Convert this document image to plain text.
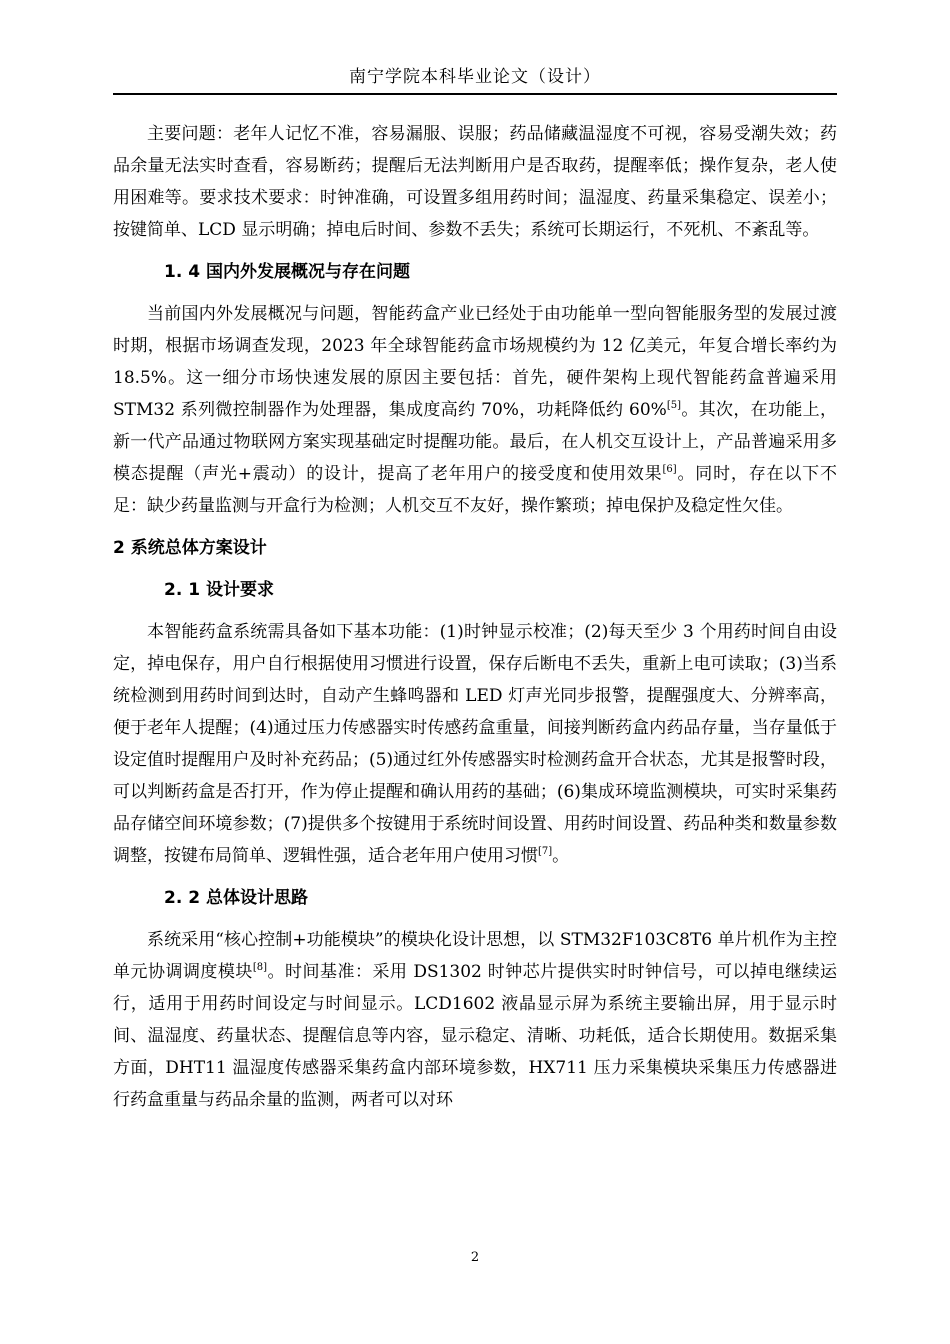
南宁学院本科毕业论文（设计）

主要问题：老年人记忆不准，容易漏服、误服；药品储藏温湿度不可视，容易受潮失效；药品余量无法实时查看，容易断药；提醒后无法判断用户是否取药，提醒率低；操作复杂，老人使用困难等。要求技术要求：时钟准确，可设置多组用药时间；温湿度、药量采集稳定、误差小；按键简单、LCD 显示明确；掉电后时间、参数不丢失；系统可长期运行，不死机、不紊乱等。

1. 4 国内外发展概况与存在问题

当前国内外发展概况与问题，智能药盒产业已经处于由功能单一型向智能服务型的发展过渡时期，根据市场调查发现，2023 年全球智能药盒市场规模约为 12 亿美元，年复合增长率约为 18.5%。这一细分市场快速发展的原因主要包括：首先，硬件架构上现代智能药盒普遍采用 STM32 系列微控制器作为处理器，集成度高约 70%，功耗降低约 60%[5]。其次，在功能上，新一代产品通过物联网方案实现基础定时提醒功能。最后，在人机交互设计上，产品普遍采用多模态提醒（声光+震动）的设计，提高了老年用户的接受度和使用效果[6]。同时，存在以下不足：缺少药量监测与开盒行为检测；人机交互不友好，操作繁琐；掉电保护及稳定性欠佳。

2 系统总体方案设计
2. 1 设计要求

本智能药盒系统需具备如下基本功能：(1)时钟显示校准；(2)每天至少 3 个用药时间自由设定，掉电保存，用户自行根据使用习惯进行设置，保存后断电不丢失，重新上电可读取；(3)当系统检测到用药时间到达时，自动产生蜂鸣器和 LED 灯声光同步报警，提醒强度大、分辨率高，便于老年人提醒；(4)通过压力传感器实时传感药盒重量，间接判断药盒内药品存量，当存量低于设定值时提醒用户及时补充药品；(5)通过红外传感器实时检测药盒开合状态，尤其是报警时段，可以判断药盒是否打开，作为停止提醒和确认用药的基础；(6)集成环境监测模块，可实时采集药品存储空间环境参数；(7)提供多个按键用于系统时间设置、用药时间设置、药品种类和数量参数调整，按键布局简单、逻辑性强，适合老年用户使用习惯[7]。

2. 2 总体设计思路

系统采用“核心控制+功能模块”的模块化设计思想，以 STM32F103C8T6 单片机作为主控单元协调调度模块[8]。时间基准：采用 DS1302 时钟芯片提供实时时钟信号，可以掉电继续运行，适用于用药时间设定与时间显示。LCD1602 液晶显示屏为系统主要输出屏，用于显示时间、温湿度、药量状态、提醒信息等内容，显示稳定、清晰、功耗低，适合长期使用。数据采集方面，DHT11 温湿度传感器采集药盒内部环境参数，HX711 压力采集模块采集压力传感器进行药盒重量与药品余量的监测，两者可以对环

2
